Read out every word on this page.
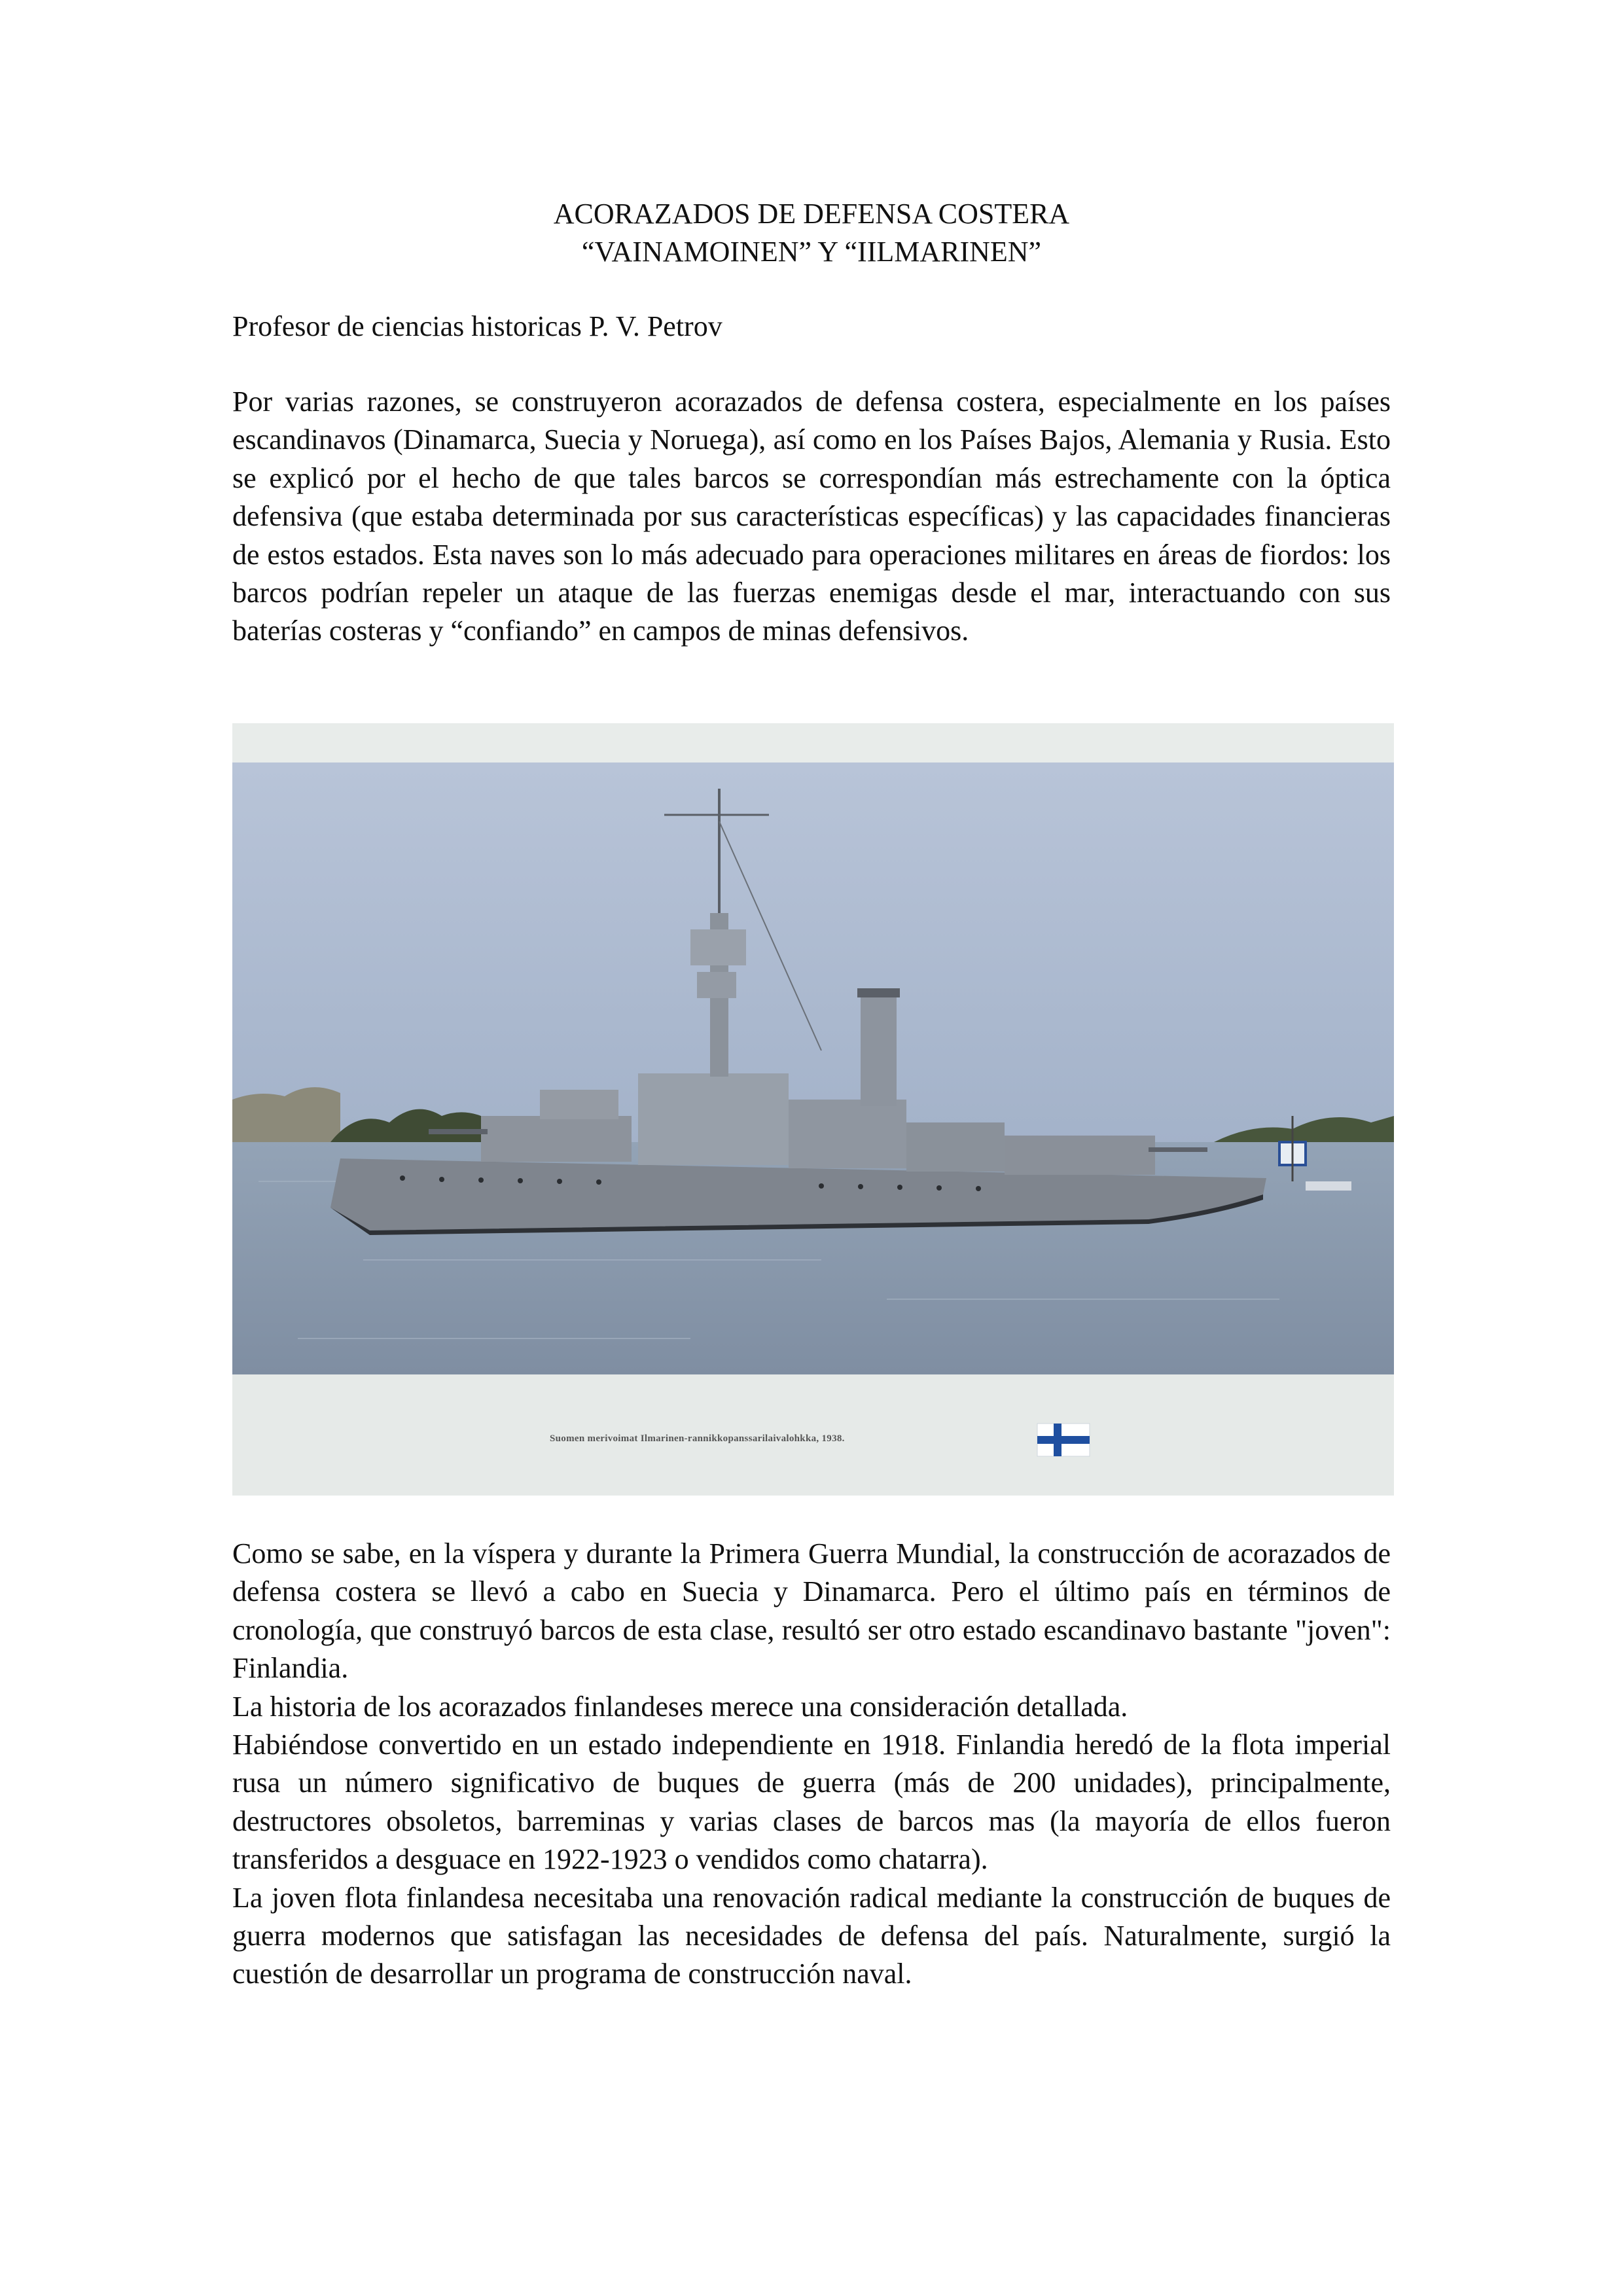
ACORAZADOS DE DEFENSA COSTERA
“VAINAMOINEN” Y “IILMARINEN”
Profesor de ciencias historicas P. V. Petrov

Por varias razones, se construyeron acorazados de defensa costera, especialmente en los países escandinavos (Dinamarca, Suecia y Noruega), así como en los Países Bajos, Alemania y Rusia. Esto se explicó por el hecho de que tales barcos se correspondían más estrechamente con la óptica defensiva (que estaba determinada por sus características específicas) y las capacidades financieras de estos estados. Esta naves son lo más adecuado para operaciones militares en áreas de fiordos: los barcos podrían repeler un ataque de las fuerzas enemigas desde el mar, interactuando con sus baterías costeras y “confiando” en campos de minas defensivos.

Suomen merivoimat Ilmarinen-rannikkopanssarilaivalohkka, 1938.

Como se sabe, en la víspera y durante la Primera Guerra Mundial, la construcción de acorazados de defensa costera se llevó a cabo en Suecia y Dinamarca. Pero el último país en términos de cronología, que construyó barcos de esta clase, resultó ser otro estado escandinavo bastante "joven": Finlandia.

La historia de los acorazados finlandeses merece una consideración detallada.

Habiéndose convertido en un estado independiente en 1918. Finlandia heredó de la flota imperial rusa un número significativo de buques de guerra (más de 200 unidades), principalmente, destructores obsoletos, barreminas y varias clases de barcos mas (la mayoría de ellos fueron transferidos a desguace en 1922-1923 o vendidos como chatarra).

La joven flota finlandesa necesitaba una renovación radical mediante la construcción de buques de guerra modernos que satisfagan las necesidades de defensa del país. Naturalmente, surgió la cuestión de desarrollar un programa de construcción naval.
